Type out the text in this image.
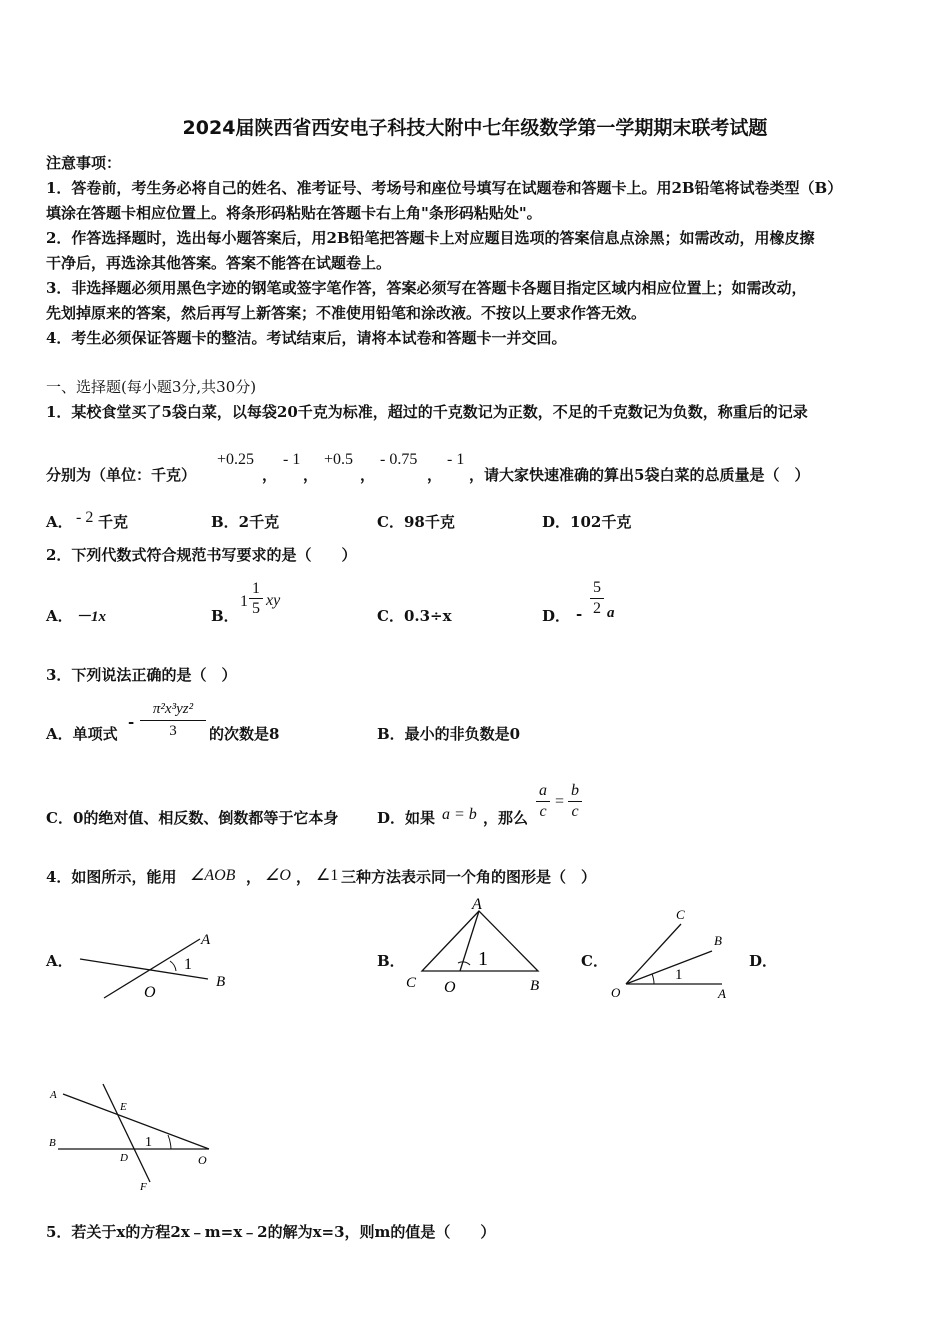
2024届陕西省西安电子科技大附中七年级数学第一学期期末联考试题
注意事项：
1．答卷前，考生务必将自己的姓名、准考证号、考场号和座位号填写在试题卷和答题卡上。用2B铅笔将试卷类型（B）
填涂在答题卡相应位置上。将条形码粘贴在答题卡右上角"条形码粘贴处"。
2．作答选择题时，选出每小题答案后，用2B铅笔把答题卡上对应题目选项的答案信息点涂黑；如需改动，用橡皮擦
干净后，再选涂其他答案。答案不能答在试题卷上。
3．非选择题必须用黑色字迹的钢笔或签字笔作答，答案必须写在答题卡各题目指定区域内相应位置上；如需改动，
先划掉原来的答案，然后再写上新答案；不准使用铅笔和涂改液。不按以上要求作答无效。
4．考生必须保证答题卡的整洁。考试结束后，请将本试卷和答题卡一并交回。
一、选择题(每小题3分,共30分)
1．某校食堂买了5袋白菜，以每袋20千克为标准，超过的千克数记为正数，不足的千克数记为负数，称重后的记录
分别为（单位：千克）
+0.25
，
- 1
，
+0.5
，
- 0.75
，
- 1
，请大家快速准确的算出5袋白菜的总质量是（　）
A． - 2 千克	B．2千克	C．98千克	D．102千克
2．下列代数式符合规范书写要求的是（　　）
A． －1x	B．
1
1
5 xy
C．0.3÷x	D． -
5
2 a
3．下列说法正确的是（　）
A．单项式
-
π²x³yz²
3	的次数是8	B．最小的非负数是0
C．0的绝对值、相反数、倒数都等于它本身	D．如果 a = b ，那么
a
c
=
b
c
4．如图所示，能用 ∠AOB ， ∠O ， ∠1 三种方法表示同一个角的图形是（　）
A．	B．	C．	D．
A
1
B
O
A
1
C O	B
C
B
1
O	A
A
E
B	1
D	O
F
5．若关于x的方程2x﹣m=x﹣2的解为x=3，则m的值是（　　）
